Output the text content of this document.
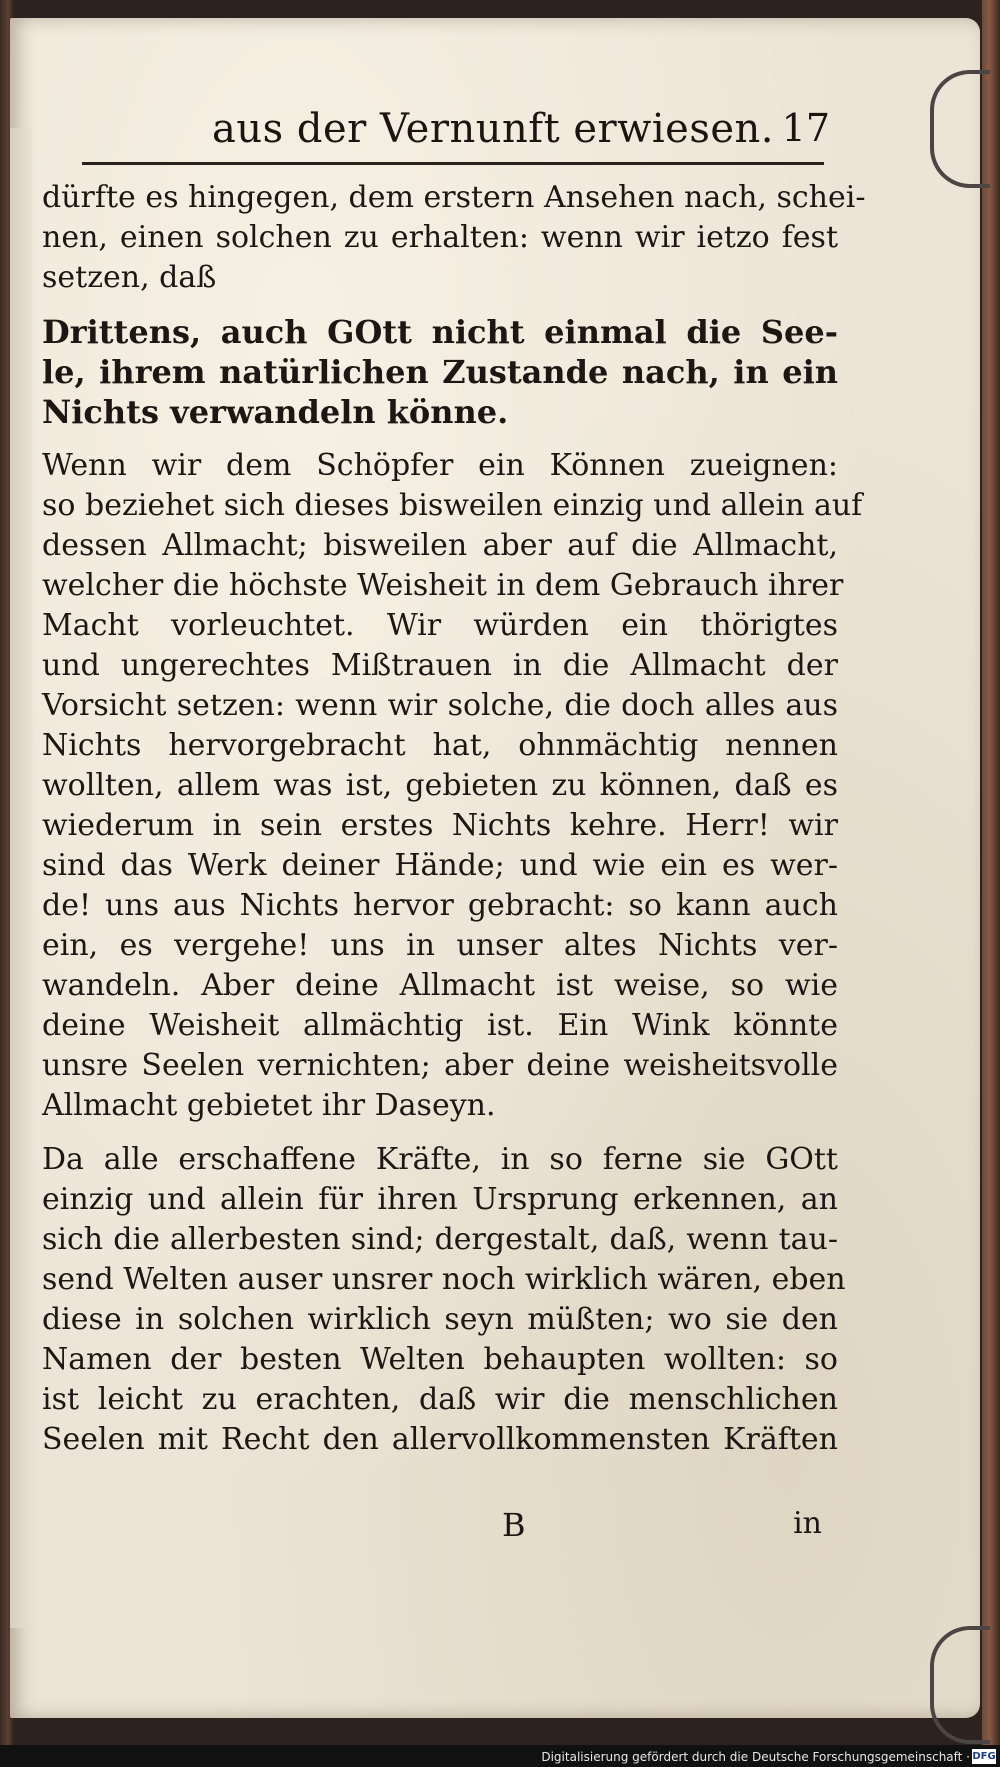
aus der Vernunft erwiesen. 17
dürfte es hingegen, dem erstern Ansehen nach, schei-
nen, einen solchen zu erhalten: wenn wir ietzo fest
setzen, daß
Drittens, auch GOtt nicht einmal die See-
le, ihrem natürlichen Zustande nach, in ein
Nichts verwandeln könne.
Wenn wir dem Schöpfer ein Können zueignen:
so beziehet sich dieses bisweilen einzig und allein auf
dessen Allmacht; bisweilen aber auf die Allmacht,
welcher die höchste Weisheit in dem Gebrauch ihrer
Macht vorleuchtet. Wir würden ein thörigtes
und ungerechtes Mißtrauen in die Allmacht der
Vorsicht setzen: wenn wir solche, die doch alles aus
Nichts hervorgebracht hat, ohnmächtig nennen
wollten, allem was ist, gebieten zu können, daß es
wiederum in sein erstes Nichts kehre. Herr! wir
sind das Werk deiner Hände; und wie ein es wer-
de! uns aus Nichts hervor gebracht: so kann auch
ein, es vergehe! uns in unser altes Nichts ver-
wandeln. Aber deine Allmacht ist weise, so wie
deine Weisheit allmächtig ist. Ein Wink könnte
unsre Seelen vernichten; aber deine weisheitsvolle
Allmacht gebietet ihr Daseyn.
Da alle erschaffene Kräfte, in so ferne sie GOtt
einzig und allein für ihren Ursprung erkennen, an
sich die allerbesten sind; dergestalt, daß, wenn tau-
send Welten auser unsrer noch wirklich wären, eben
diese in solchen wirklich seyn müßten; wo sie den
Namen der besten Welten behaupten wollten: so
ist leicht zu erachten, daß wir die menschlichen
Seelen mit Recht den allervollkommensten Kräften
B	in
Digitalisierung gefördert durch die Deutsche Forschungsgemeinschaft · DFG
